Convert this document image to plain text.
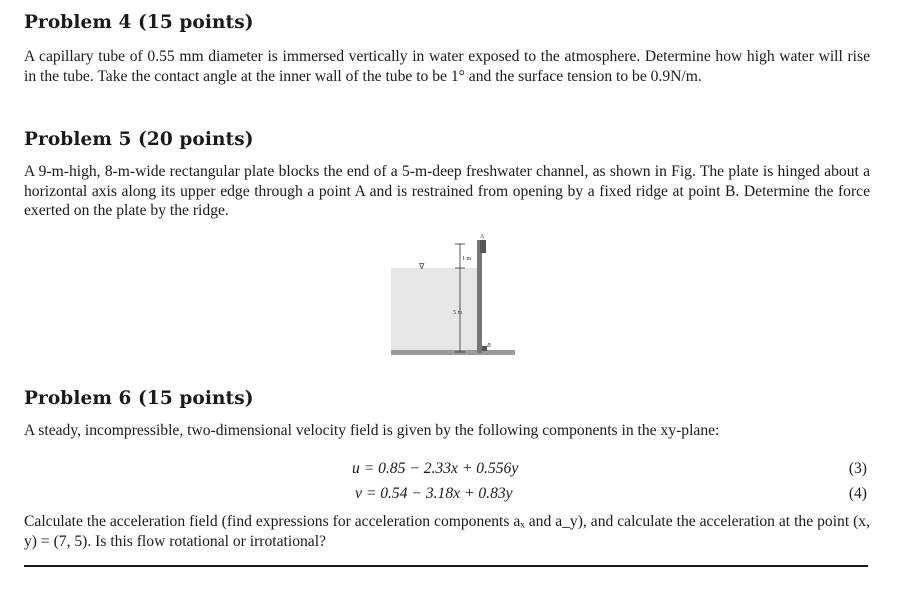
Problem 4 (15 points)
A capillary tube of 0.55 mm diameter is immersed vertically in water exposed to the atmosphere. Determine how high water will rise in the tube. Take the contact angle at the inner wall of the tube to be 1° and the surface tension to be 0.9N/m.
Problem 5 (20 points)
A 9-m-high, 8-m-wide rectangular plate blocks the end of a 5-m-deep freshwater channel, as shown in Fig. The plate is hinged about a horizontal axis along its upper edge through a point A and is restrained from opening by a fixed ridge at point B. Determine the force exerted on the plate by the ridge.
1 m
5 m
A
B
∇
Problem 6 (15 points)
A steady, incompressible, two-dimensional velocity field is given by the following components in the xy-plane:
u = 0.85 − 2.33x + 0.556y	(3)
v = 0.54 − 3.18x + 0.83y	(4)
Calculate the acceleration field (find expressions for acceleration components aₓ and a_y), and calculate the acceleration at the point (x, y) = (7, 5). Is this flow rotational or irrotational?
